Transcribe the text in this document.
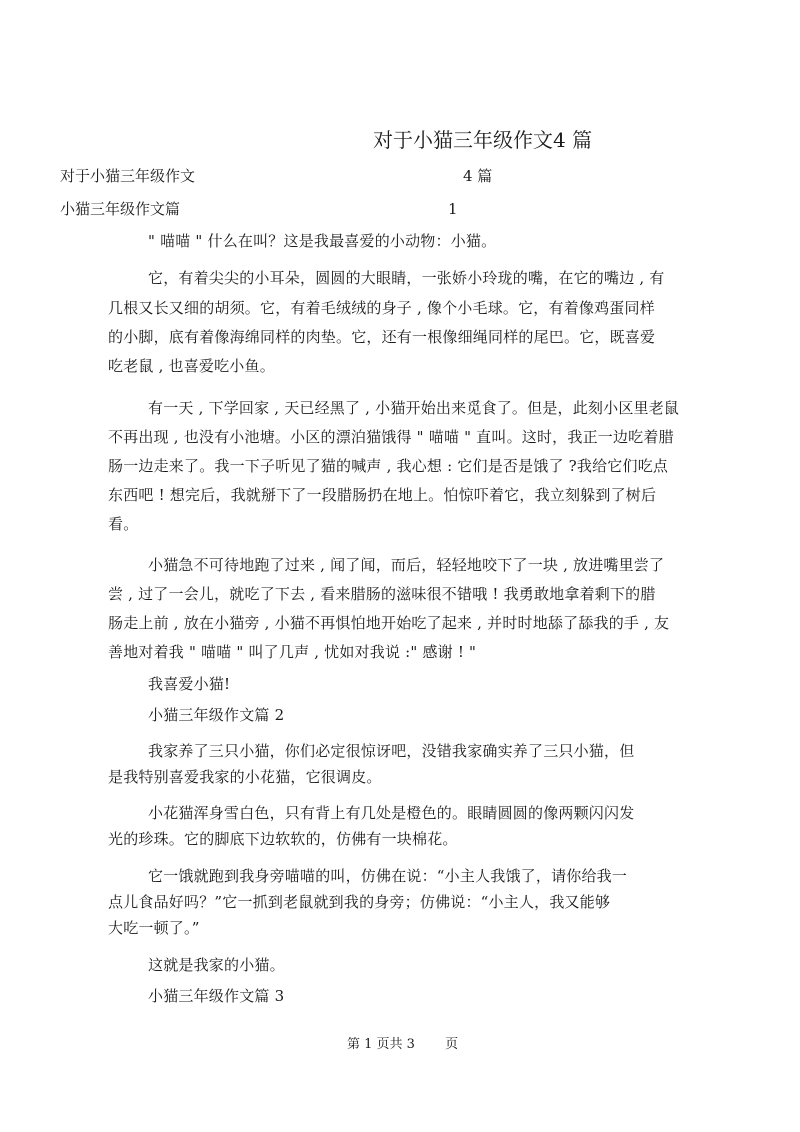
对于小猫三年级作文4 篇
对于小猫三年级作文	4 篇
小猫三年级作文篇	1

" 喵喵 " 什么在叫？这是我最喜爱的小动物：小猫。

它，有着尖尖的小耳朵，圆圆的大眼睛，一张娇小玲珑的嘴，在它的嘴边 , 有

几根又长又细的胡须。它，有着毛绒绒的身子 , 像个小毛球。它，有着像鸡蛋同样

的小脚，底有着像海绵同样的肉垫。它，还有一根像细绳同样的尾巴。它，既喜爱

吃老鼠 , 也喜爱吃小鱼。

有一天 , 下学回家 , 天已经黑了 , 小猫开始出来觅食了。但是，此刻小区里老鼠

不再出现 , 也没有小池塘。小区的漂泊猫饿得 " 喵喵 " 直叫。这时，我正一边吃着腊

肠一边走来了。我一下子听见了猫的喊声 , 我心想 : 它们是否是饿了 ?我给它们吃点

东西吧 ! 想完后，我就掰下了一段腊肠扔在地上。怕惊吓着它，我立刻躲到了树后

看。

小猫急不可待地跑了过来 , 闻了闻，而后，轻轻地咬下了一块 , 放进嘴里尝了

尝 , 过了一会儿，就吃了下去 , 看来腊肠的滋味很不错哦 ! 我勇敢地拿着剩下的腊

肠走上前 , 放在小猫旁 , 小猫不再惧怕地开始吃了起来 , 并时时地舔了舔我的手 , 友

善地对着我 " 喵喵 " 叫了几声 , 忧如对我说 :" 感谢 ! "

我喜爱小猫!

小猫三年级作文篇 2

我家养了三只小猫，你们必定很惊讶吧，没错我家确实养了三只小猫，但

是我特别喜爱我家的小花猫，它很调皮。

小花猫浑身雪白色，只有背上有几处是橙色的。眼睛圆圆的像两颗闪闪发

光的珍珠。它的脚底下边软软的，仿佛有一块棉花。

它一饿就跑到我身旁喵喵的叫，仿佛在说：“小主人我饿了，请你给我一

点儿食品好吗？”它一抓到老鼠就到我的身旁；仿佛说：“小主人，我又能够

大吃一顿了。”

这就是我家的小猫。

小猫三年级作文篇 3

第 1 页共 3 页
